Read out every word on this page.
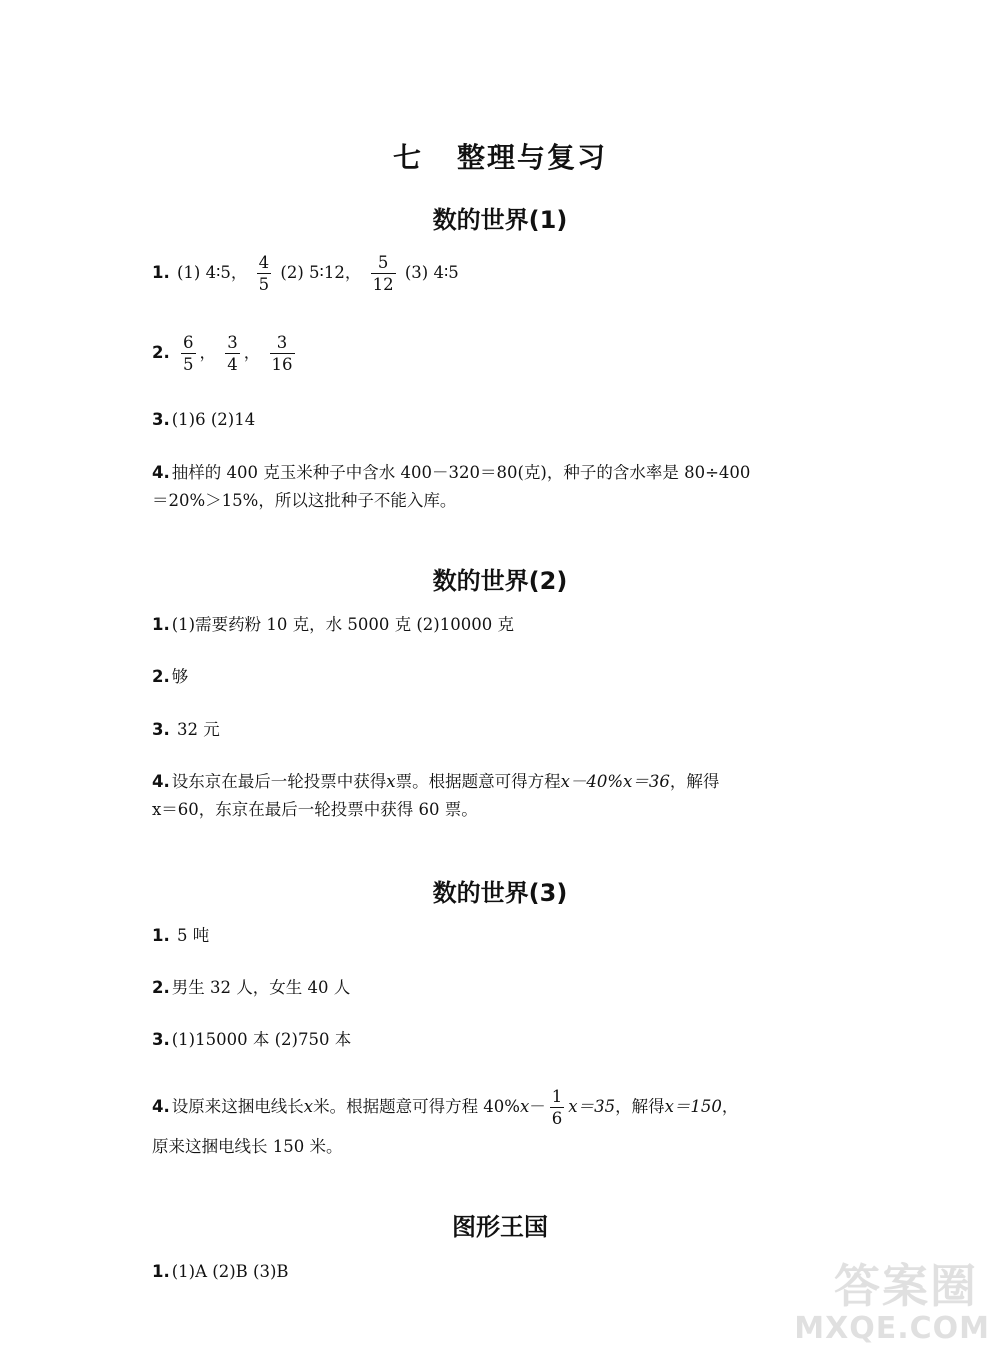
七 整理与复习
数的世界(1)
1. (1) 4∶5， $\frac{4}{5} (2)$ 5∶12， $\frac{5}{12} (3)$ 4∶5
2. $\frac{6}{5}$ ， $\frac{3}{4}$ ， $\frac{3}{16}$
3. (1)6 (2)14
4. 抽样的 400 克玉米种子中含水 400－320＝80(克)，种子的含水率是 80÷400
＝20%＞15%，所以这批种子不能入库。
数的世界(2)
1. (1)需要药粉 10 克，水 5000 克 (2)10000 克
2. 够
3. 32 元
4. 设东京在最后一轮投票中获得x票。根据题意可得方程x－40%x＝36，解得
x＝60，东京在最后一轮投票中获得 60 票。
数的世界(3)
1. 5 吨
2. 男生 32 人，女生 40 人
3. (1)15000 本 (2)750 本
4. 设原来这捆电线长x米。根据题意可得方程 $40\%x- \frac{1}{6} x=35$，解得x＝150，
原来这捆电线长 150 米。
图形王国
1. (1)A (2)B (3)B	答案圈
MXQE.COM
